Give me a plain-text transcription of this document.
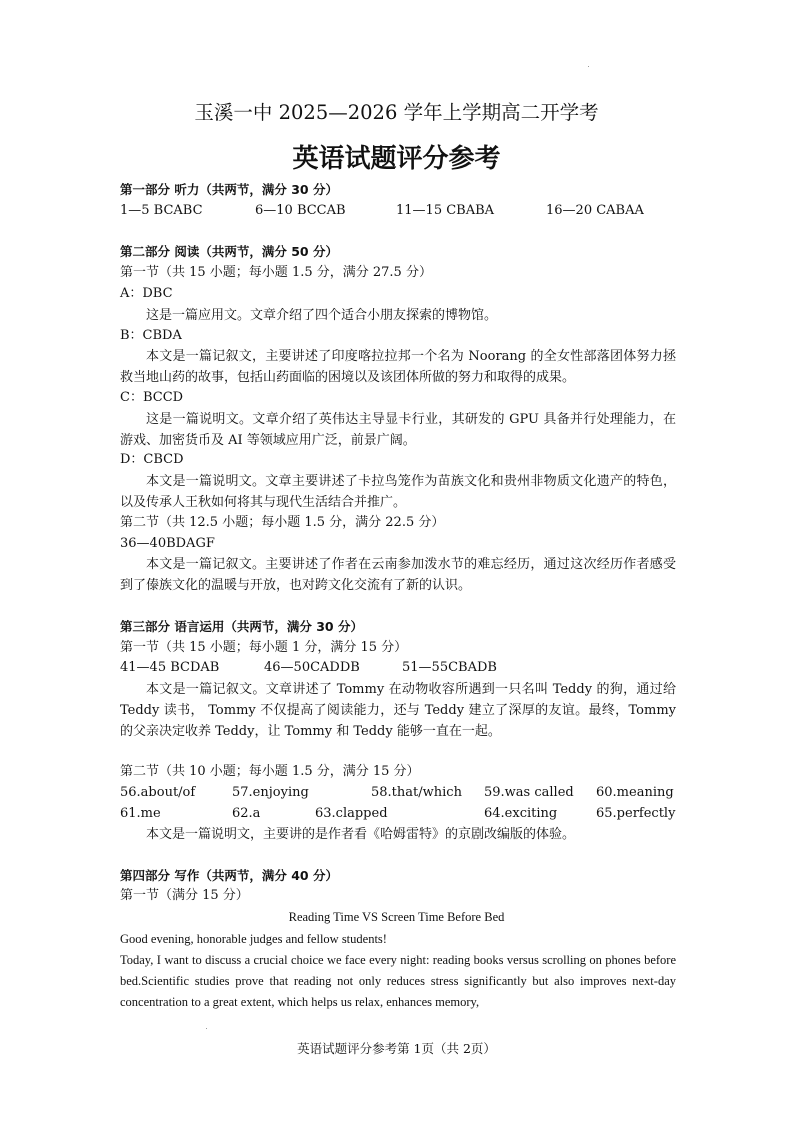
玉溪一中 2025—2026 学年上学期高二开学考
英语试题评分参考
第一部分 听力（共两节，满分 30 分）
1—5 BCABC	6—10 BCCAB	11—15 CBABA	16—20 CABAA
第二部分 阅读（共两节，满分 50 分）
第一节（共 15 小题；每小题 1.5 分，满分 27.5 分）
A：DBC
这是一篇应用文。文章介绍了四个适合小朋友探索的博物馆。
B：CBDA
本文是一篇记叙文，主要讲述了印度喀拉拉邦一个名为 Noorang 的全女性部落团体努力拯救当地山药的故事，包括山药面临的困境以及该团体所做的努力和取得的成果。
C：BCCD
这是一篇说明文。文章介绍了英伟达主导显卡行业，其研发的 GPU 具备并行处理能力，在游戏、加密货币及 AI 等领域应用广泛，前景广阔。
D：CBCD
本文是一篇说明文。文章主要讲述了卡拉鸟笼作为苗族文化和贵州非物质文化遗产的特色，以及传承人王秋如何将其与现代生活结合并推广。
第二节（共 12.5 小题；每小题 1.5 分，满分 22.5 分）
36—40BDAGF
本文是一篇记叙文。主要讲述了作者在云南参加泼水节的难忘经历，通过这次经历作者感受到了傣族文化的温暖与开放，也对跨文化交流有了新的认识。
第三部分 语言运用（共两节，满分 30 分）
第一节（共 15 小题；每小题 1 分，满分 15 分）
41—45 BCDAB	46—50CADDB	51—55CBADB
本文是一篇记叙文。文章讲述了 Tommy 在动物收容所遇到一只名叫 Teddy 的狗，通过给 Teddy 读书， Tommy 不仅提高了阅读能力，还与 Teddy 建立了深厚的友谊。最终，Tommy 的父亲决定收养 Teddy，让 Tommy 和 Teddy 能够一直在一起。
第二节（共 10 小题；每小题 1.5 分，满分 15 分）
56.about/of	57.enjoying	58.that/which 59.was called 60.meaning
61.me	62.a	63.clapped	64.exciting	65.perfectly
本文是一篇说明文，主要讲的是作者看《哈姆雷特》的京剧改编版的体验。
第四部分 写作（共两节，满分 40 分）
第一节（满分 15 分）
Reading Time VS Screen Time Before Bed
Good evening, honorable judges and fellow students!
Today, I want to discuss a crucial choice we face every night: reading books versus scrolling on phones before bed.Scientific studies prove that reading not only reduces stress significantly but also improves next-day concentration to a great extent, which helps us relax, enhances memory,
英语试题评分参考第 1页（共 2页）
